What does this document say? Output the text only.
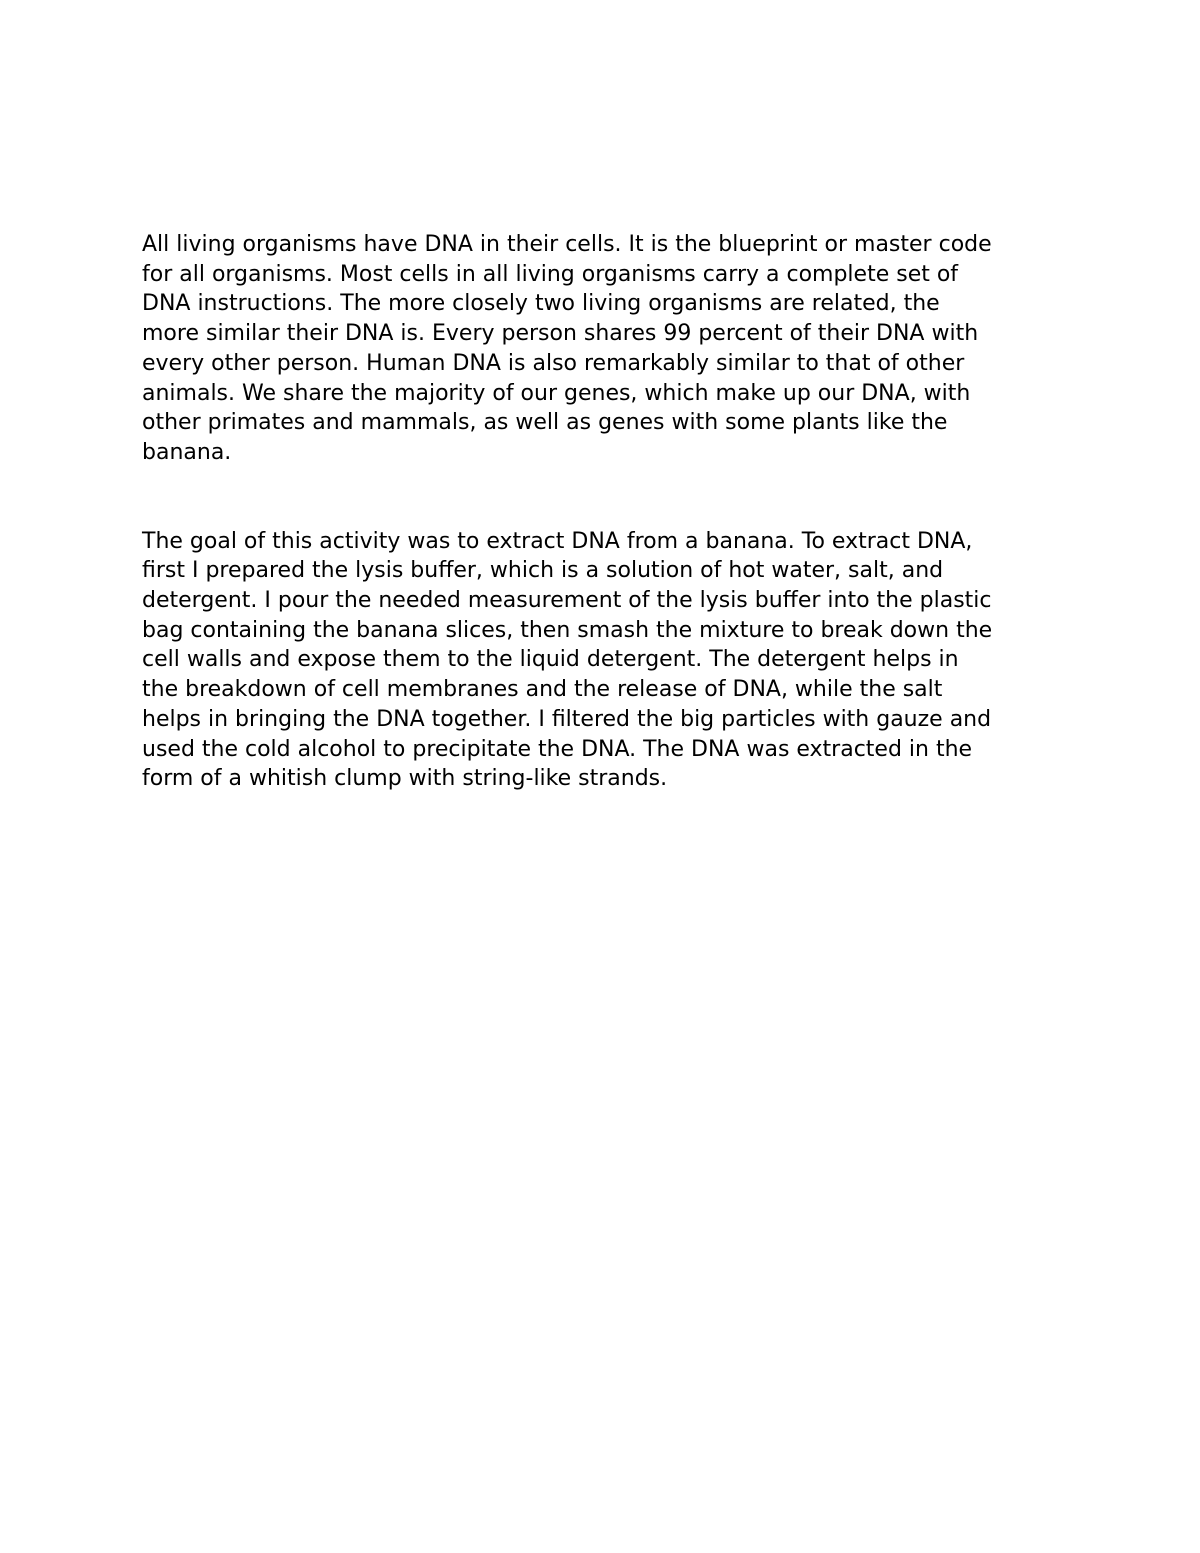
All living organisms have DNA in their cells. It is the blueprint or master code
for all organisms. Most cells in all living organisms carry a complete set of
DNA instructions. The more closely two living organisms are related, the
more similar their DNA is. Every person shares 99 percent of their DNA with
every other person. Human DNA is also remarkably similar to that of other
animals. We share the majority of our genes, which make up our DNA, with
other primates and mammals, as well as genes with some plants like the
banana.
The goal of this activity was to extract DNA from a banana. To extract DNA,
first I prepared the lysis buffer, which is a solution of hot water, salt, and
detergent. I pour the needed measurement of the lysis buffer into the plastic
bag containing the banana slices, then smash the mixture to break down the
cell walls and expose them to the liquid detergent. The detergent helps in
the breakdown of cell membranes and the release of DNA, while the salt
helps in bringing the DNA together. I filtered the big particles with gauze and
used the cold alcohol to precipitate the DNA. The DNA was extracted in the
form of a whitish clump with string-like strands.
